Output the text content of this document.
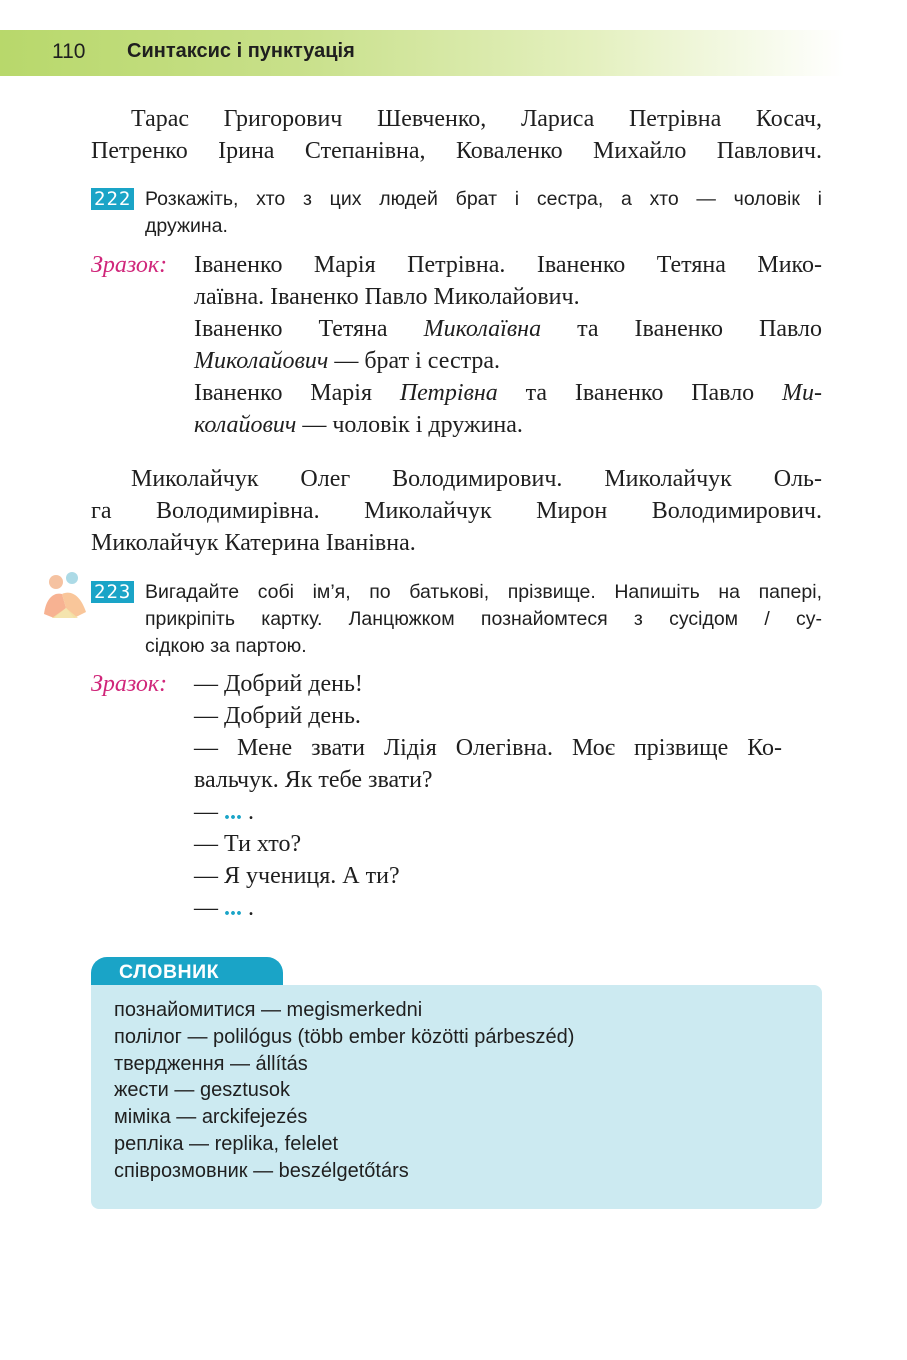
110 Синтаксис і пунктуація

Тарас Григорович Шевченко, Лариса Петрівна Косач,
Петренко Ірина Степанівна, Коваленко Михайло Павлович.

222 Розкажіть, хто з цих людей брат і сестра, а хто — чоловік і
дружина.
Зразок: Іваненко Марія Петрівна. Іваненко Тетяна Мико-
лаївна. Іваненко Павло Миколайович.
Іваненко Тетяна Миколаївна та Іваненко Павло
Миколайович — брат і сестра.
Іваненко Марія Петрівна та Іваненко Павло Ми-
колайович — чоловік і дружина.

Миколайчук Олег Володимирович. Миколайчук Оль-
га Володимирівна. Миколайчук Мирон Володимирович.
Миколайчук Катерина Іванівна.

223 Вигадайте собі ім’я, по батькові, прізвище. Напишіть на папері,
прикріпіть картку. Ланцюжком познайомтеся з сусідом / су-
сідкою за партою.
Зразок: — Добрий день!
— Добрий день.
— Мене звати Лідія Олегівна. Моє прізвище Ко-
вальчук. Як тебе звати?
— ... .
— Ти хто?
— Я учениця. А ти?
— ... .
СЛОВНИК
познайомитися — megismerkedni
полілог — polilógus (több ember közötti párbeszéd)
твердження — állítás
жести — gesztusok
міміка — arckifejezés
репліка — replika, felelet
співрозмовник — beszélgetőtárs
